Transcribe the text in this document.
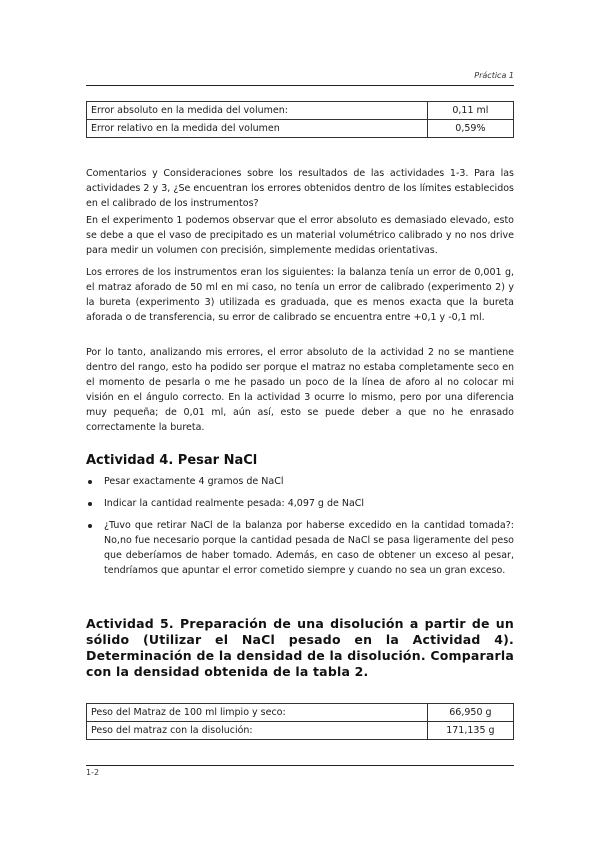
Práctica 1
Error absoluto en la medida del volumen:	0,11 ml
Error relativo en la medida del volumen	0,59%
Comentarios y Consideraciones sobre los resultados de las actividades 1-3. Para las actividades 2 y 3, ¿Se encuentran los errores obtenidos dentro de los límites establecidos en el calibrado de los instrumentos?
En el experimento 1 podemos observar que el error absoluto es demasiado elevado, esto se debe a que el vaso de precipitado es un material volumétrico calibrado y no nos drive para medir un volumen con precisión, simplemente medidas orientativas.
Los errores de los instrumentos eran los siguientes: la balanza tenía un error de 0,001 g, el matraz aforado de 50 ml en mi caso, no tenía un error de calibrado (experimento 2) y la bureta (experimento 3) utilizada es graduada, que es menos exacta que la bureta aforada o de transferencia, su error de calibrado se encuentra entre +0,1 y -0,1 ml.
Por lo tanto, analizando mis errores, el error absoluto de la actividad 2 no se mantiene dentro del rango, esto ha podido ser porque el matraz no estaba completamente seco en el momento de pesarla o me he pasado un poco de la línea de aforo al no colocar mi visión en el ángulo correcto. En la actividad 3 ocurre lo mismo, pero por una diferencia muy pequeña; de 0,01 ml, aún así, esto se puede deber a que no he enrasado correctamente la bureta.
Actividad 4. Pesar NaCl
Pesar exactamente 4 gramos de NaCl
Indicar la cantidad realmente pesada: 4,097 g de NaCl
¿Tuvo que retirar NaCl de la balanza por haberse excedido en la cantidad tomada?: No,no fue necesario porque la cantidad pesada de NaCl se pasa ligeramente del peso que deberíamos de haber tomado. Además, en caso de obtener un exceso al pesar, tendríamos que apuntar el error cometido siempre y cuando no sea un gran exceso.
Actividad 5. Preparación de una disolución a partir de un sólido (Utilizar el NaCl pesado en la Actividad 4). Determinación de la densidad de la disolución. Compararla con la densidad obtenida de la tabla 2.
Peso del Matraz de 100 ml limpio y seco:	66,950 g
Peso del matraz con la disolución:	171,135 g
1-2
